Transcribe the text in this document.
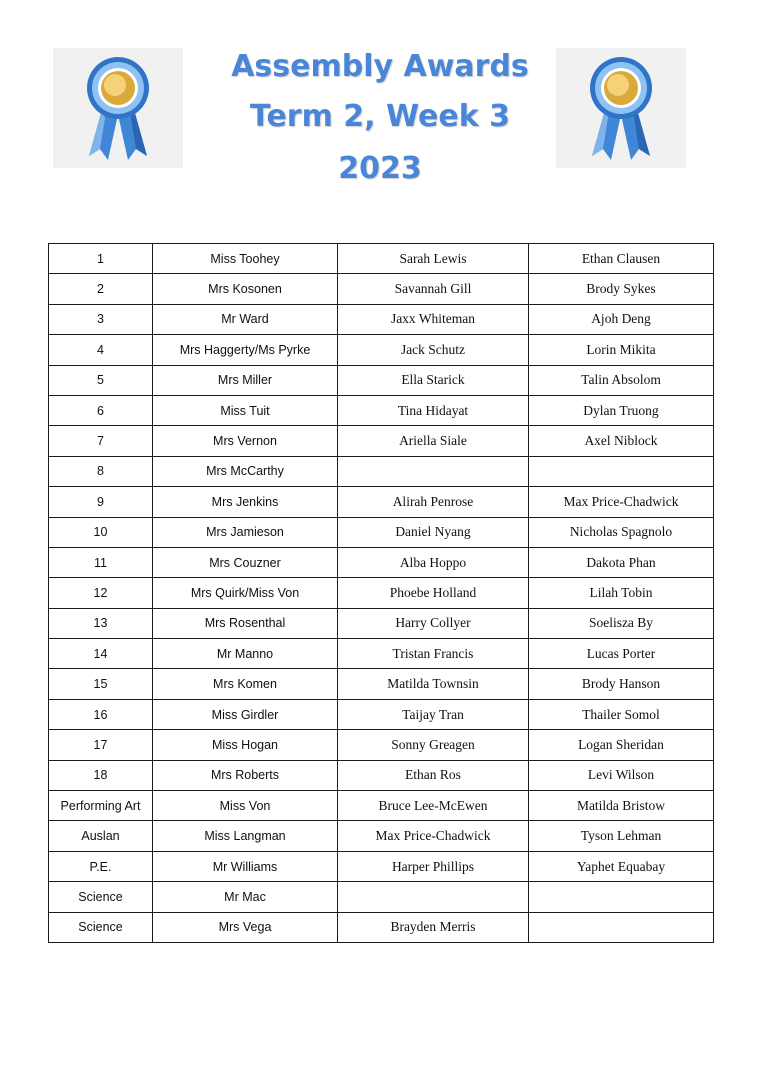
Assembly Awards
Term 2, Week 3
2023
1	Miss Toohey	Sarah Lewis	Ethan Clausen
2	Mrs Kosonen	Savannah Gill	Brody Sykes
3	Mr Ward	Jaxx Whiteman	Ajoh Deng
4	Mrs Haggerty/Ms Pyrke	Jack Schutz	Lorin Mikita
5	Mrs Miller	Ella Starick	Talin Absolom
6	Miss Tuit	Tina Hidayat	Dylan Truong
7	Mrs Vernon	Ariella Siale	Axel Niblock
8	Mrs McCarthy		
9	Mrs Jenkins	Alirah Penrose	Max Price-Chadwick
10	Mrs Jamieson	Daniel Nyang	Nicholas Spagnolo
11	Mrs Couzner	Alba Hoppo	Dakota Phan
12	Mrs Quirk/Miss Von	Phoebe Holland	Lilah Tobin
13	Mrs Rosenthal	Harry Collyer	Soelisza By
14	Mr Manno	Tristan Francis	Lucas Porter
15	Mrs Komen	Matilda Townsin	Brody Hanson
16	Miss Girdler	Taijay Tran	Thailer Somol
17	Miss Hogan	Sonny Greagen	Logan Sheridan
18	Mrs Roberts	Ethan Ros	Levi Wilson
Performing Art	Miss Von	Bruce Lee-McEwen	Matilda Bristow
Auslan	Miss Langman	Max Price-Chadwick	Tyson Lehman
P.E.	Mr Williams	Harper Phillips	Yaphet Equabay
Science	Mr Mac		
Science	Mrs Vega	Brayden Merris	
